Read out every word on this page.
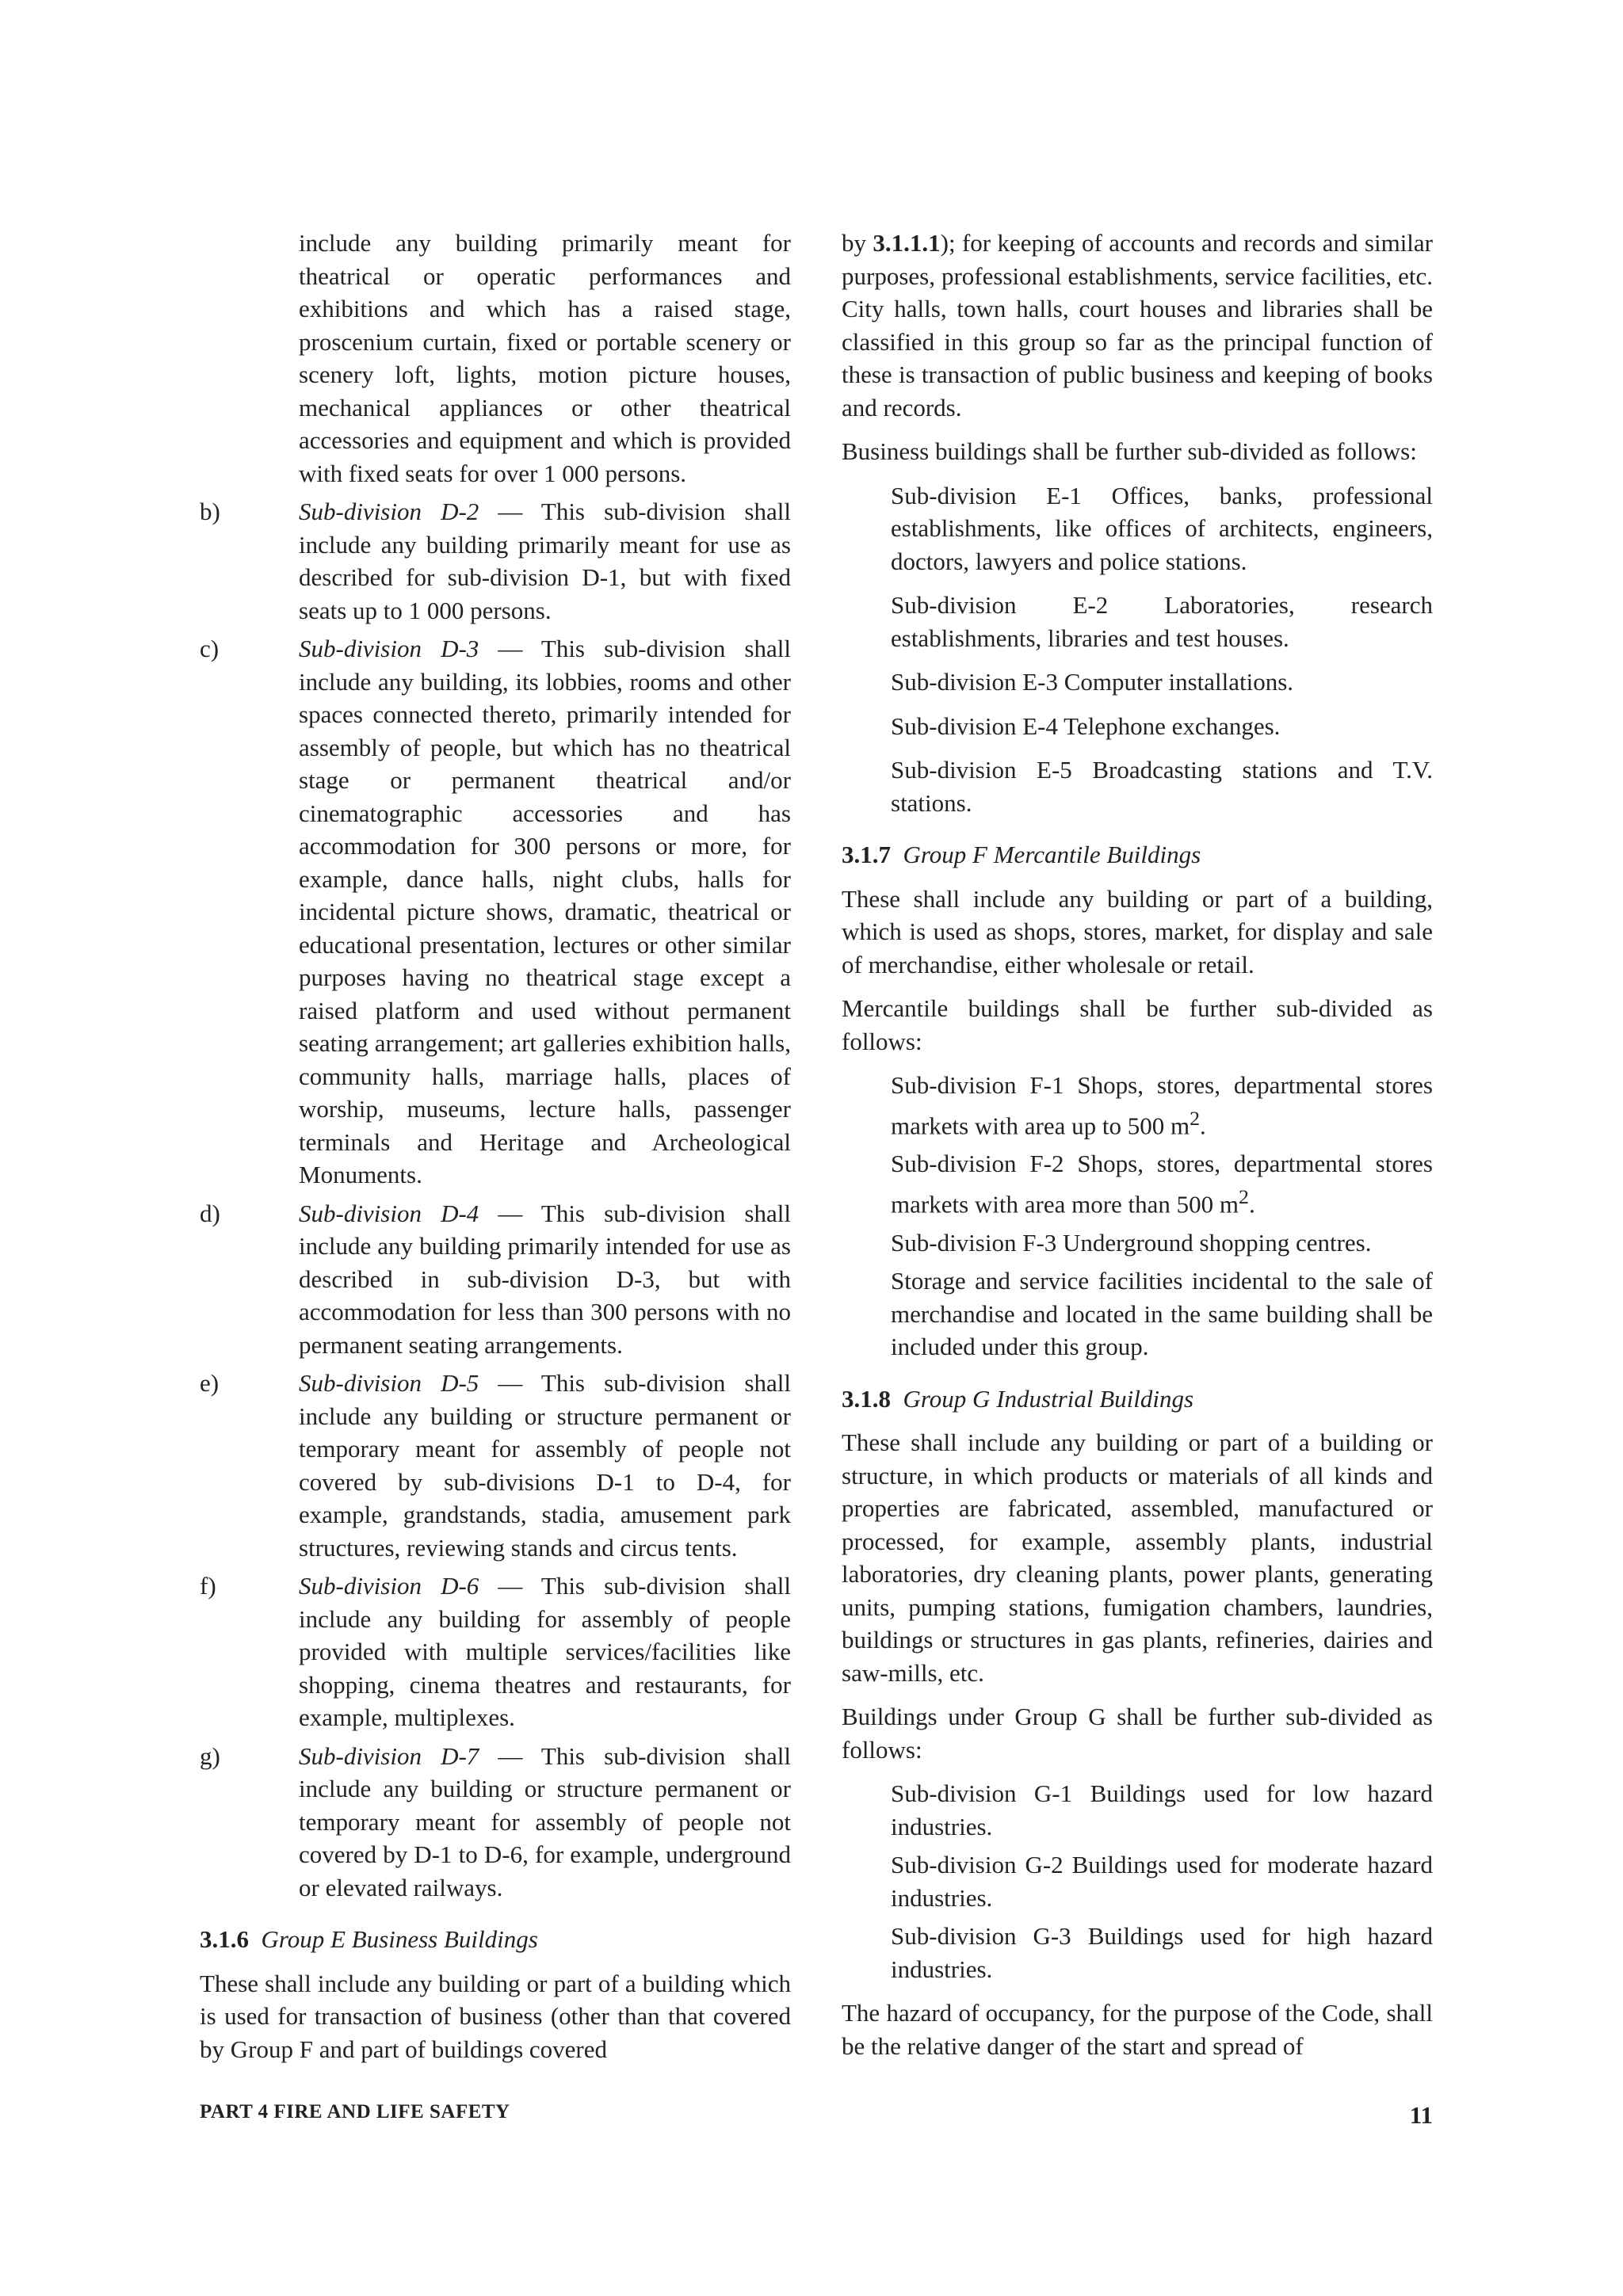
include any building primarily meant for theatrical or operatic performances and exhibitions and which has a raised stage, proscenium curtain, fixed or portable scenery or scenery loft, lights, motion picture houses, mechanical appliances or other theatrical accessories and equipment and which is provided with fixed seats for over 1 000 persons.

b)	Sub-division D-2 — This sub-division shall include any building primarily meant for use as described for sub-division D-1, but with fixed seats up to 1 000 persons.

c)	Sub-division D-3 — This sub-division shall include any building, its lobbies, rooms and other spaces connected thereto, primarily intended for assembly of people, but which has no theatrical stage or permanent theatrical and/or cinematographic accessories and has accommodation for 300 persons or more, for example, dance halls, night clubs, halls for incidental picture shows, dramatic, theatrical or educational presentation, lectures or other similar purposes having no theatrical stage except a raised platform and used without permanent seating arrangement; art galleries exhibition halls, community halls, marriage halls, places of worship, museums, lecture halls, passenger terminals and Heritage and Archeological Monuments.

d)	Sub-division D-4 — This sub-division shall include any building primarily intended for use as described in sub-division D-3, but with accommodation for less than 300 persons with no permanent seating arrangements.

e)	Sub-division D-5 — This sub-division shall include any building or structure permanent or temporary meant for assembly of people not covered by sub-divisions D-1 to D-4, for example, grandstands, stadia, amusement park structures, reviewing stands and circus tents.

f)	Sub-division D-6 — This sub-division shall include any building for assembly of people provided with multiple services/facilities like shopping, cinema theatres and restaurants, for example, multiplexes.

g)	Sub-division D-7 — This sub-division shall include any building or structure permanent or temporary meant for assembly of people not covered by D-1 to D-6, for example, underground or elevated railways.

3.1.6 Group E Business Buildings

These shall include any building or part of a building which is used for transaction of business (other than that covered by Group F and part of buildings covered

by 3.1.1.1); for keeping of accounts and records and similar purposes, professional establishments, service facilities, etc. City halls, town halls, court houses and libraries shall be classified in this group so far as the principal function of these is transaction of public business and keeping of books and records.

Business buildings shall be further sub-divided as follows:

Sub-division E-1 Offices, banks, professional establishments, like offices of architects, engineers, doctors, lawyers and police stations.

Sub-division E-2 Laboratories, research establishments, libraries and test houses.

Sub-division E-3 Computer installations.

Sub-division E-4 Telephone exchanges.

Sub-division E-5 Broadcasting stations and T.V. stations.

3.1.7 Group F Mercantile Buildings

These shall include any building or part of a building, which is used as shops, stores, market, for display and sale of merchandise, either wholesale or retail.

Mercantile buildings shall be further sub-divided as follows:

Sub-division F-1 Shops, stores, departmental stores markets with area up to 500 $m^2$.

Sub-division F-2 Shops, stores, departmental stores markets with area more than 500 $m^2$.

Sub-division F-3 Underground shopping centres.

Storage and service facilities incidental to the sale of merchandise and located in the same building shall be included under this group.

3.1.8 Group G Industrial Buildings

These shall include any building or part of a building or structure, in which products or materials of all kinds and properties are fabricated, assembled, manufactured or processed, for example, assembly plants, industrial laboratories, dry cleaning plants, power plants, generating units, pumping stations, fumigation chambers, laundries, buildings or structures in gas plants, refineries, dairies and saw-mills, etc.

Buildings under Group G shall be further sub-divided as follows:

Sub-division G-1 Buildings used for low hazard industries.

Sub-division G-2 Buildings used for moderate hazard industries.

Sub-division G-3 Buildings used for high hazard industries.

The hazard of occupancy, for the purpose of the Code, shall be the relative danger of the start and spread of

PART 4 FIRE AND LIFE SAFETY	11
